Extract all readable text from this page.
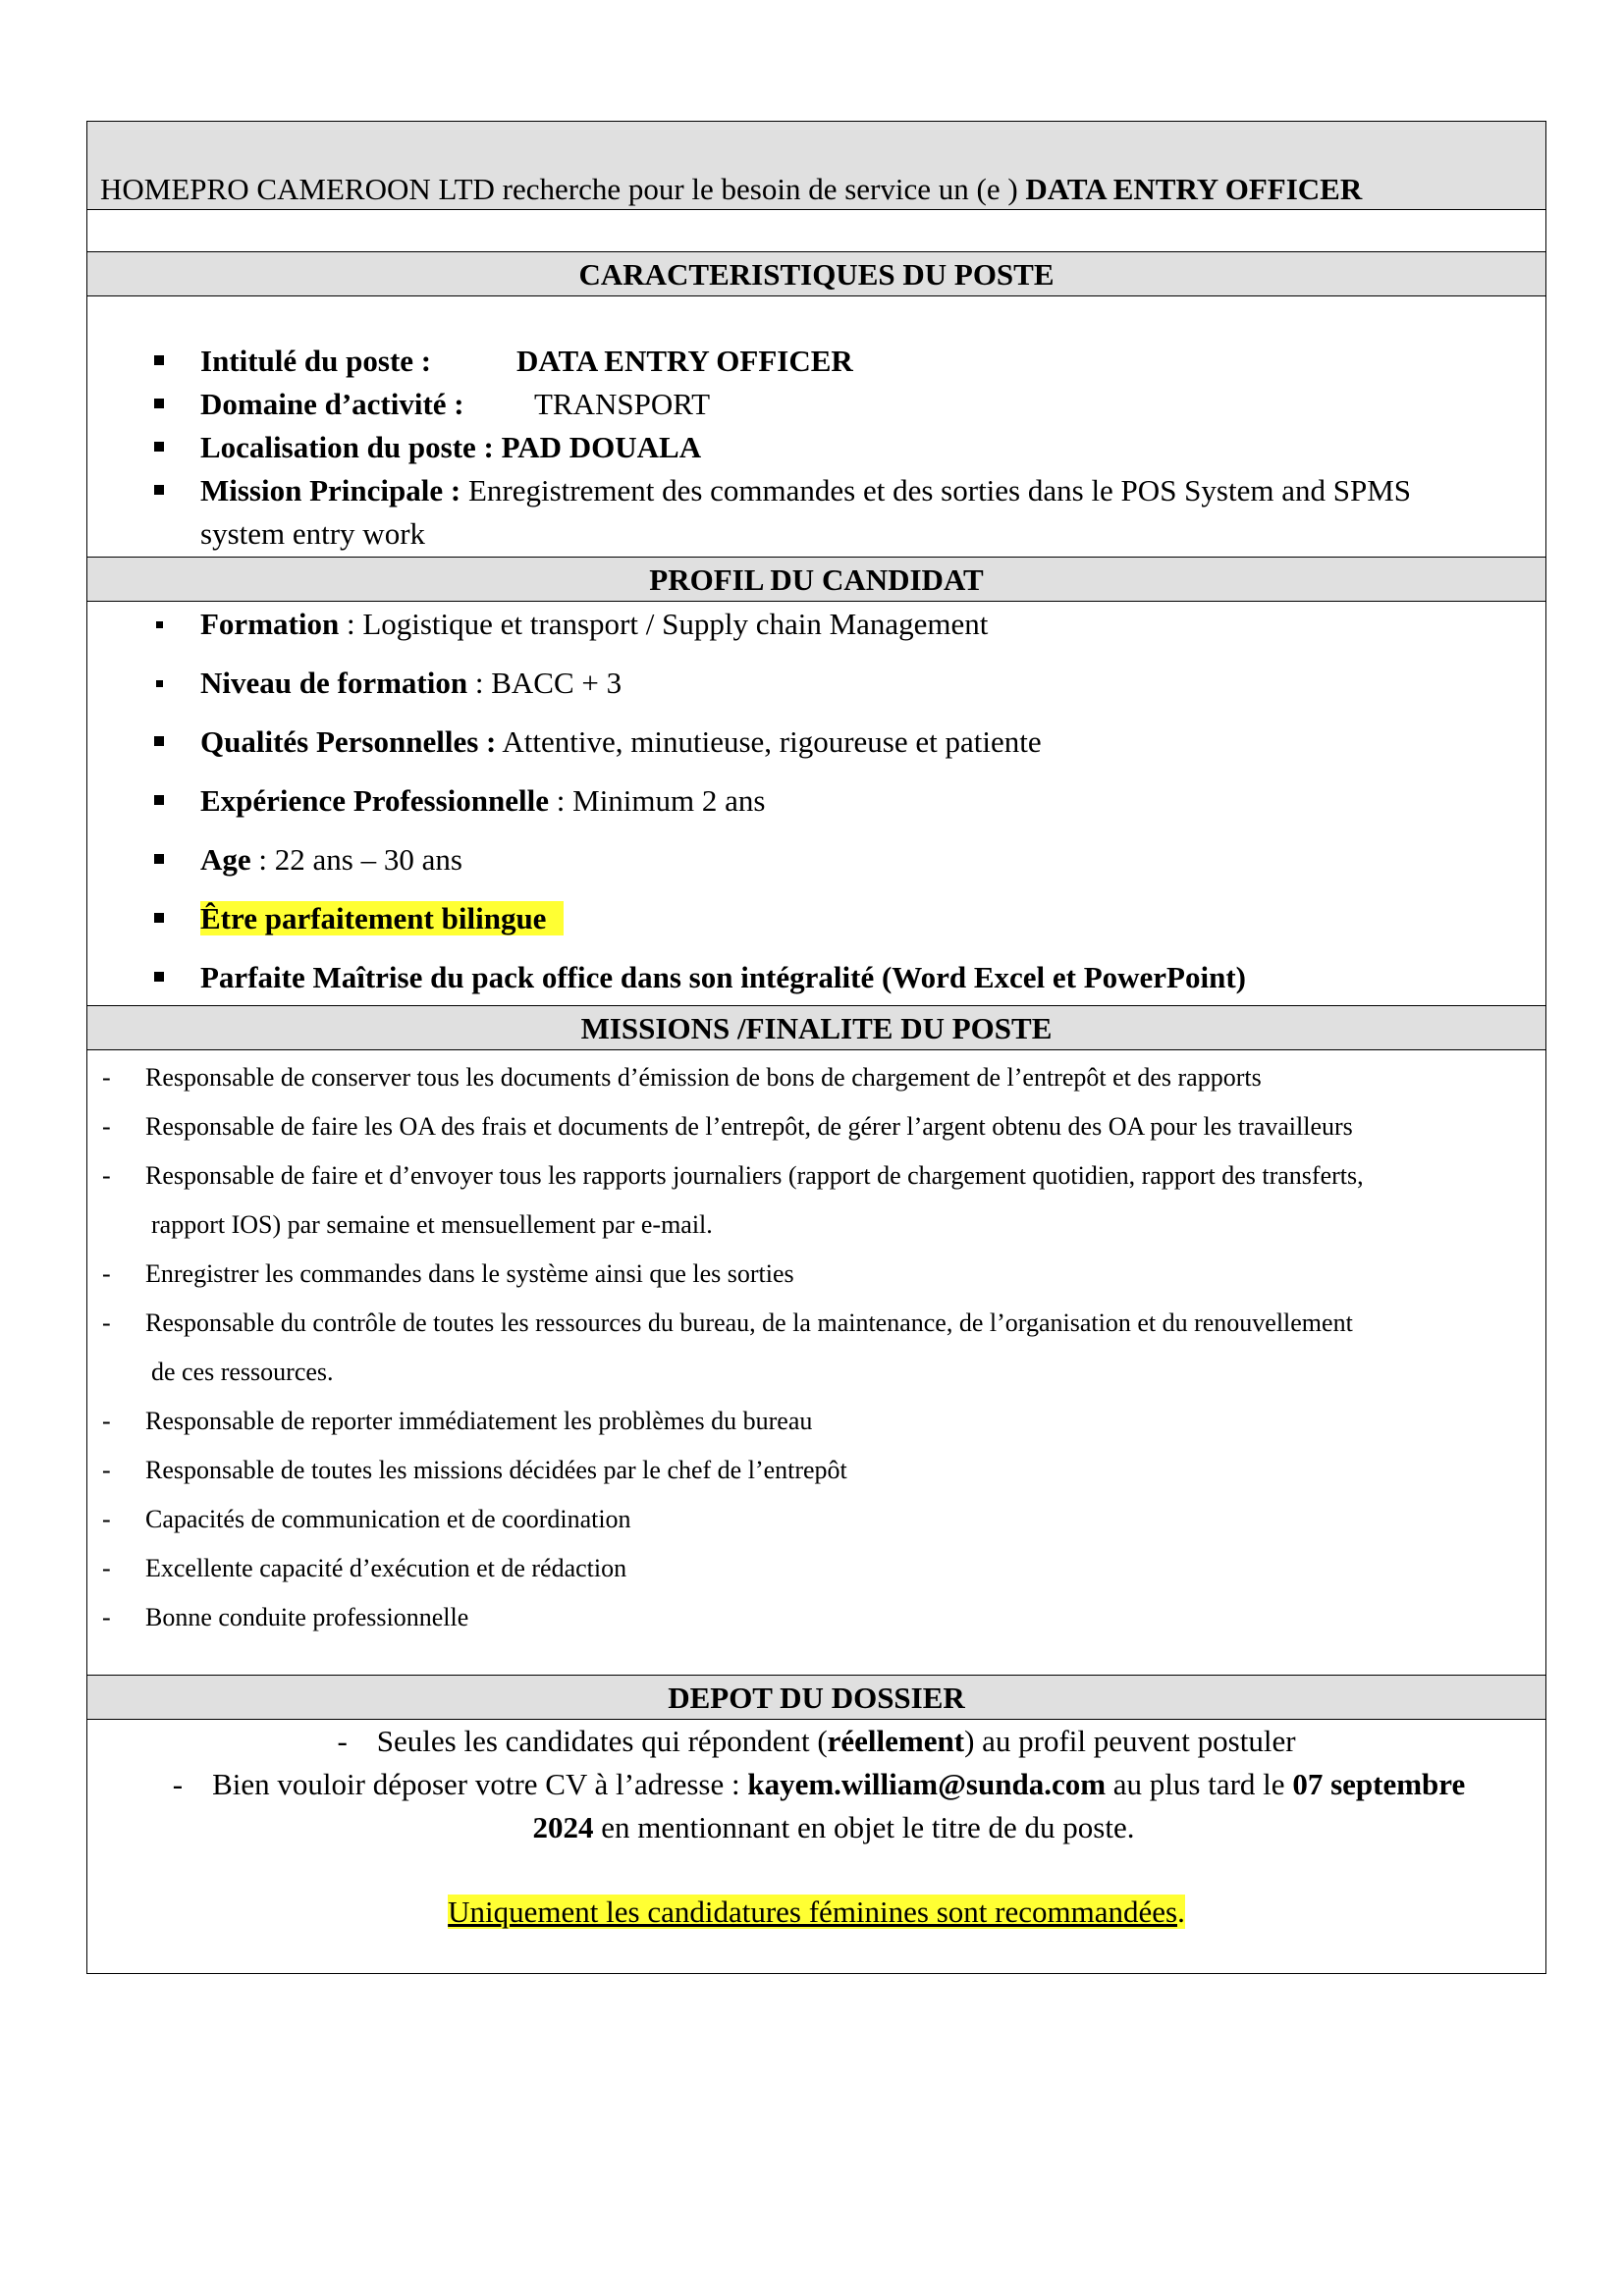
HOMEPRO CAMEROON LTD recherche pour le besoin de service un (e ) DATA ENTRY OFFICER
CARACTERISTIQUES DU POSTE
Intitulé du poste :	DATA ENTRY OFFICER
Domaine d’activité : TRANSPORT
Localisation du poste : PAD DOUALA
Mission Principale : Enregistrement des commandes et des sorties dans le POS System and SPMS
system entry work
PROFIL DU CANDIDAT
Formation : Logistique et transport / Supply chain Management
Niveau de formation : BACC + 3
Qualités Personnelles : Attentive, minutieuse, rigoureuse et patiente
Expérience Professionnelle : Minimum 2 ans
Age : 22 ans – 30 ans
Être parfaitement bilingue
Parfaite Maîtrise du pack office dans son intégralité (Word Excel et PowerPoint)
MISSIONS /FINALITE DU POSTE
- Responsable de conserver tous les documents d’émission de bons de chargement de l’entrepôt et des rapports
- Responsable de faire les OA des frais et documents de l’entrepôt, de gérer l’argent obtenu des OA pour les travailleurs
- Responsable de faire et d’envoyer tous les rapports journaliers (rapport de chargement quotidien, rapport des transferts,
rapport IOS) par semaine et mensuellement par e-mail.
- Enregistrer les commandes dans le système ainsi que les sorties
- Responsable du contrôle de toutes les ressources du bureau, de la maintenance, de l’organisation et du renouvellement
de ces ressources.
- Responsable de reporter immédiatement les problèmes du bureau
- Responsable de toutes les missions décidées par le chef de l’entrepôt
- Capacités de communication et de coordination
- Excellente capacité d’exécution et de rédaction
- Bonne conduite professionnelle
DEPOT DU DOSSIER
- Seules les candidates qui répondent (réellement) au profil peuvent postuler
- Bien vouloir déposer votre CV à l’adresse : kayem.william@sunda.com au plus tard le 07 septembre
2024 en mentionnant en objet le titre de du poste.
Uniquement les candidatures féminines sont recommandées.
